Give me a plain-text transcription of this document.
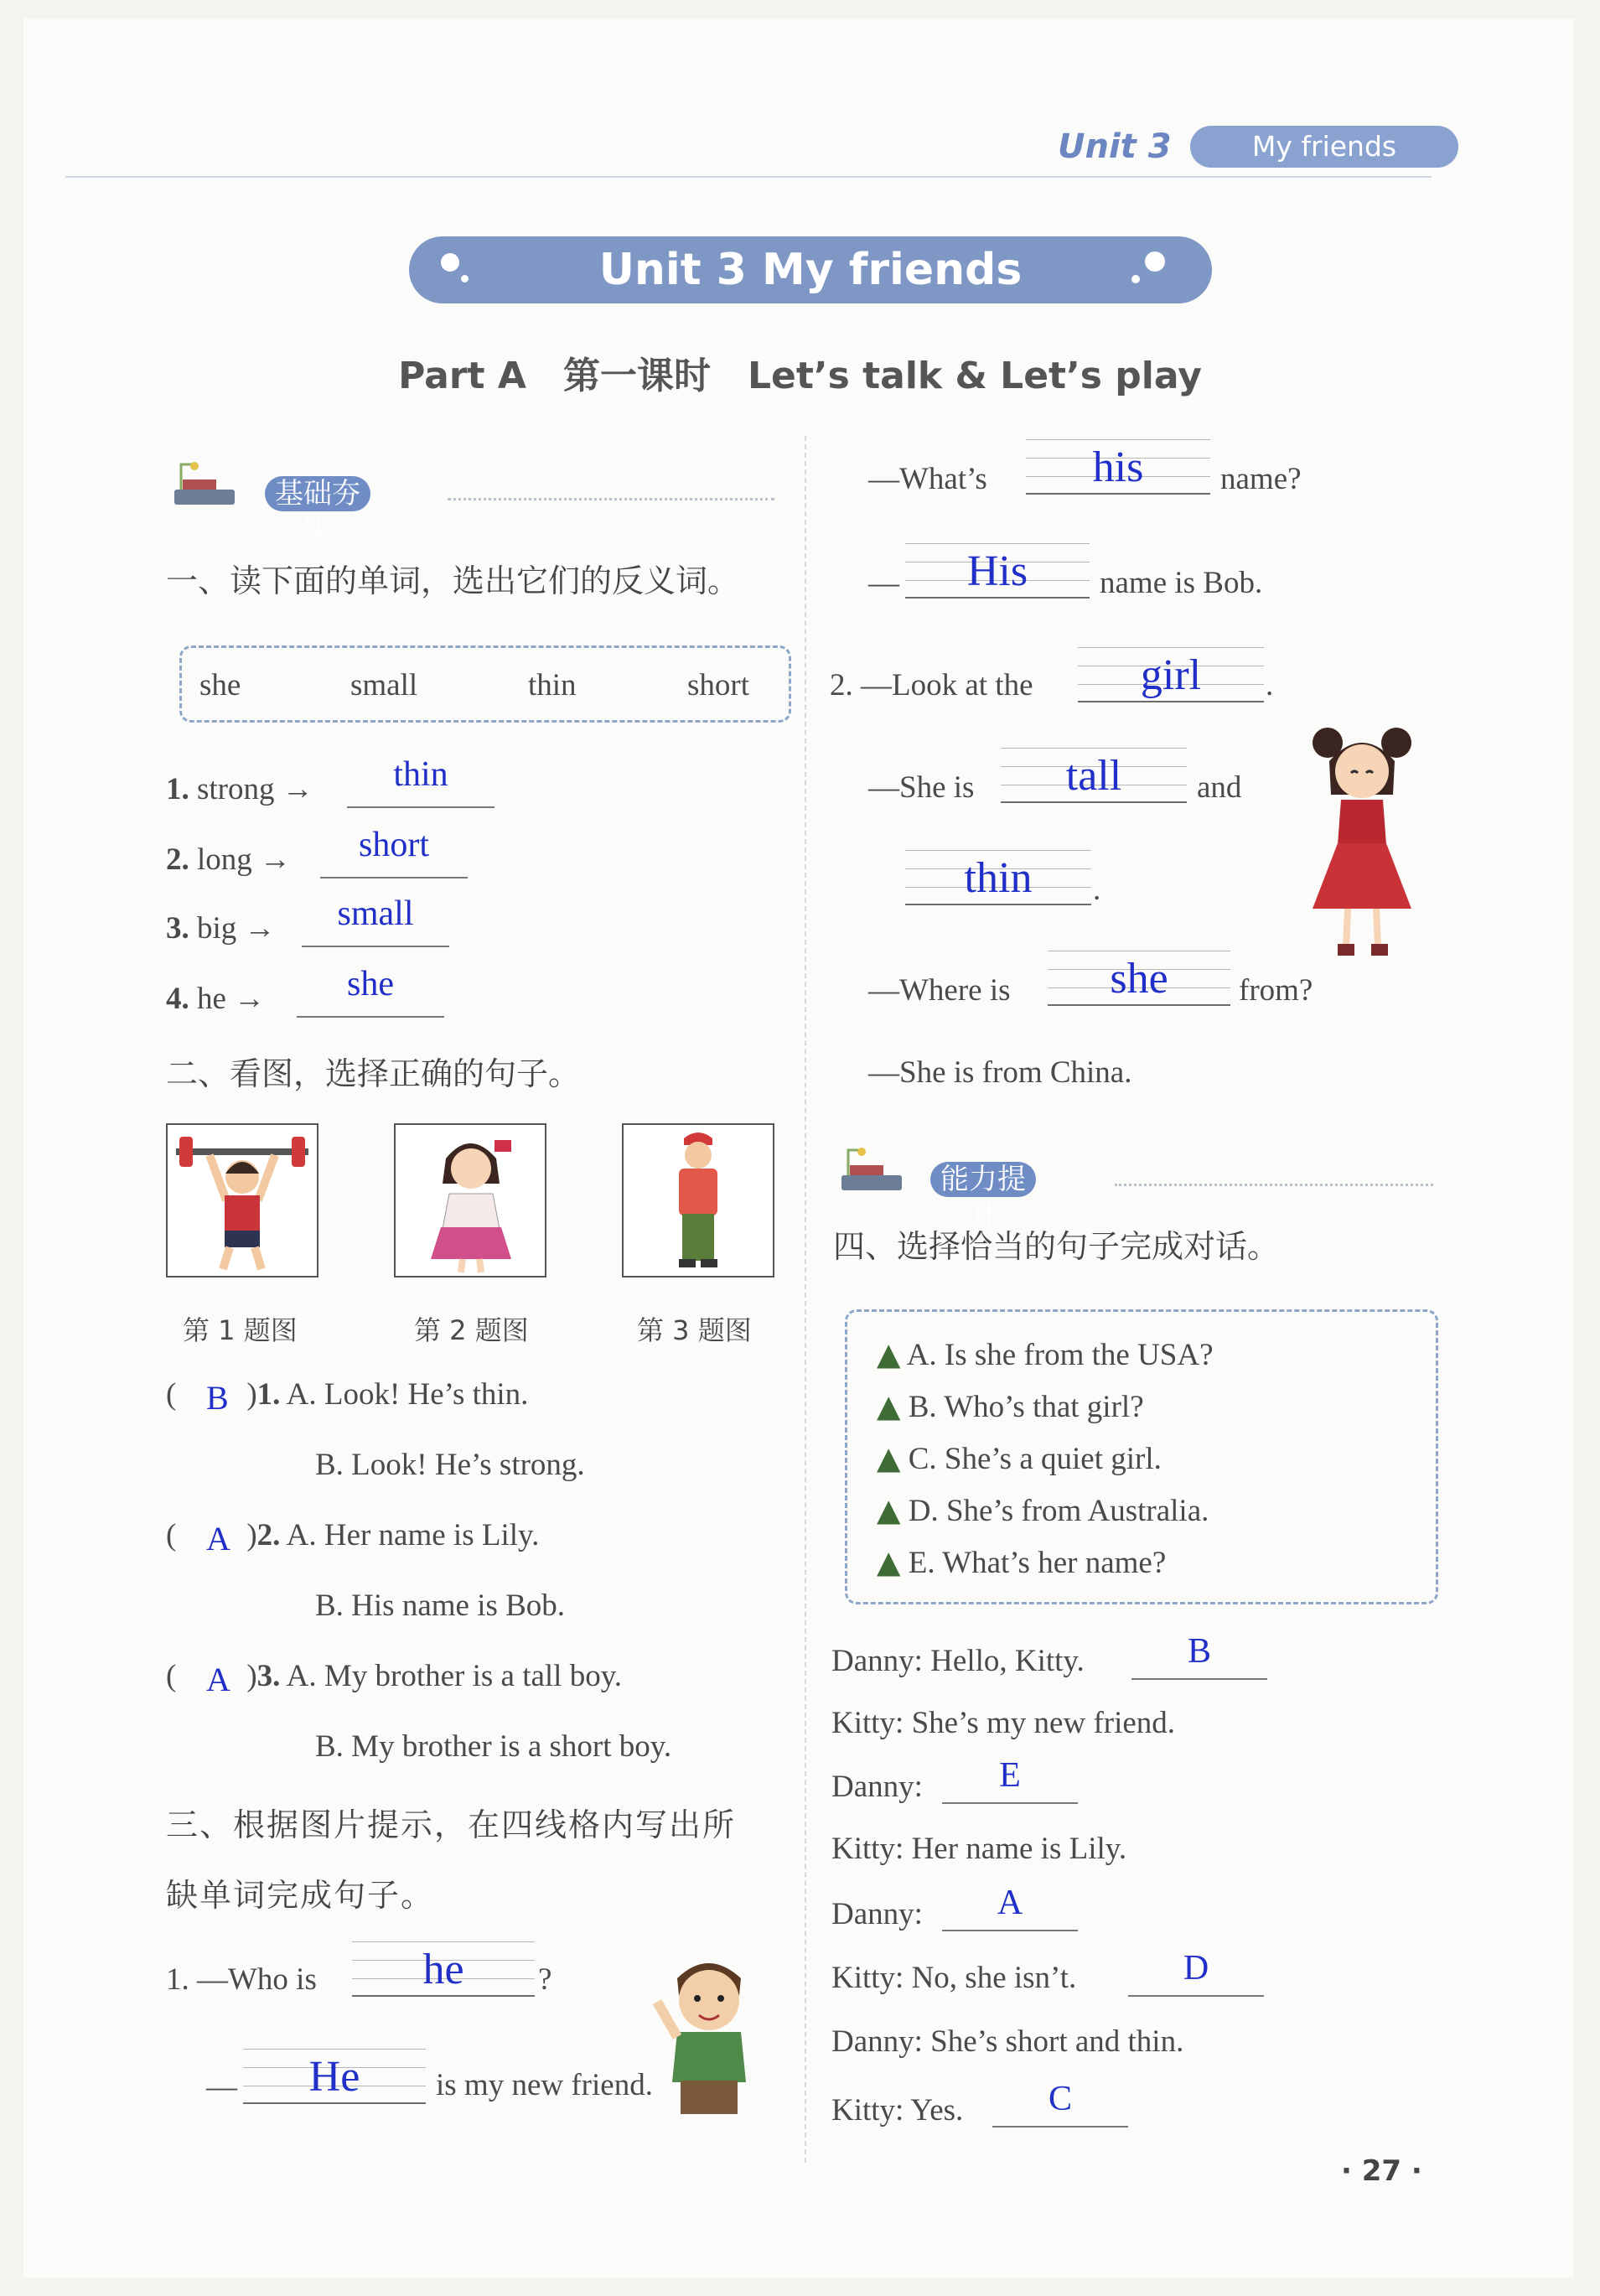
Unit 3	My friends
Unit 3 My friends
Part A　第一课时　Let’s talk & Let’s play
基础夯实
一、读下面的单词，选出它们的反义词。
she	small	thin	short
1. strong →	thin
2. long →	short
3. big →	small
4. he →	she
二、看图，选择正确的句子。
第 1 题图	第 2 题图	第 3 题图
( )1. A. Look! He’s thin.
B
B. Look! He’s strong.
( )2. A. Her name is Lily.
A
B. His name is Bob.
( )3. A. My brother is a tall boy.
A
B. My brother is a short boy.
三、根据图片提示，在四线格内写出所
缺单词完成句子。
1. —Who is	he	?
—	He	is my new friend.
—What’s	his	name?
—	His	name is Bob.
2. —Look at the	girl	.
—She is	tall	and
thin	.
—Where is	she	from?
—She is from China.
能力提升
四、选择恰当的句子完成对话。
▲ A. Is she from the USA?
▲ B. Who’s that girl?
▲ C. She’s a quiet girl.
▲ D. She’s from Australia.
▲ E. What’s her name?
Danny: Hello, Kitty.	B
Kitty: She’s my new friend.
Danny:	E
Kitty: Her name is Lily.
Danny:	A
Kitty: No, she isn’t.	D
Danny: She’s short and thin.
Kitty: Yes.	C
· 27 ·
